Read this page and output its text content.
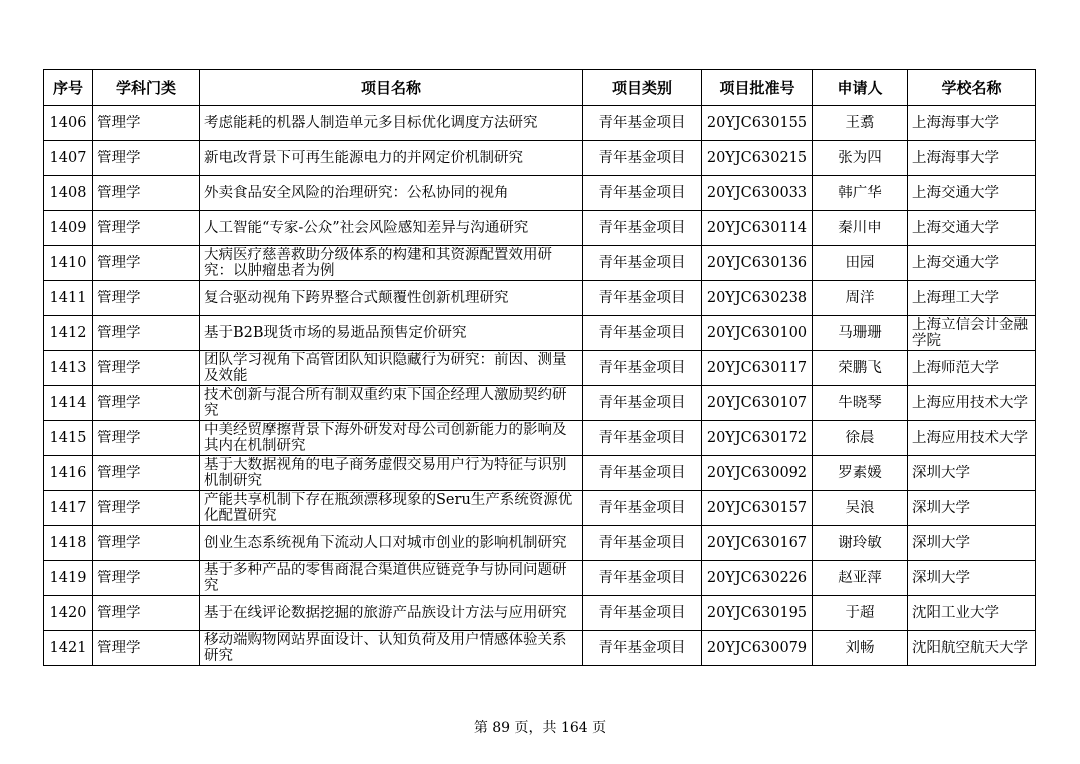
序号	学科门类	项目名称	项目类别	项目批准号	申请人	学校名称

1406	管理学	考虑能耗的机器人制造单元多目标优化调度方法研究	青年基金项目	20YJC630155	王翥	上海海事大学

1407	管理学	新电改背景下可再生能源电力的并网定价机制研究	青年基金项目	20YJC630215	张为四	上海海事大学

1408	管理学	外卖食品安全风险的治理研究：公私协同的视角	青年基金项目	20YJC630033	韩广华	上海交通大学

1409	管理学	人工智能“专家-公众”社会风险感知差异与沟通研究	青年基金项目	20YJC630114	秦川申	上海交通大学

1410	管理学	大病医疗慈善救助分级体系的构建和其资源配置效用研究：以肿瘤患者为例	青年基金项目	20YJC630136	田园	上海交通大学

1411	管理学	复合驱动视角下跨界整合式颠覆性创新机理研究	青年基金项目	20YJC630238	周洋	上海理工大学

1412	管理学	基于B2B现货市场的易逝品预售定价研究	青年基金项目	20YJC630100	马珊珊	上海立信会计金融学院

1413	管理学	团队学习视角下高管团队知识隐藏行为研究：前因、测量及效能	青年基金项目	20YJC630117	荣鹏飞	上海师范大学

1414	管理学	技术创新与混合所有制双重约束下国企经理人激励契约研究	青年基金项目	20YJC630107	牛晓琴	上海应用技术大学

1415	管理学	中美经贸摩擦背景下海外研发对母公司创新能力的影响及其内在机制研究	青年基金项目	20YJC630172	徐晨	上海应用技术大学

1416	管理学	基于大数据视角的电子商务虚假交易用户行为特征与识别机制研究	青年基金项目	20YJC630092	罗素媛	深圳大学

1417	管理学	产能共享机制下存在瓶颈漂移现象的Seru生产系统资源优化配置研究	青年基金项目	20YJC630157	吴浪	深圳大学

1418	管理学	创业生态系统视角下流动人口对城市创业的影响机制研究	青年基金项目	20YJC630167	谢玲敏	深圳大学

1419	管理学	基于多种产品的零售商混合渠道供应链竞争与协同问题研究	青年基金项目	20YJC630226	赵亚萍	深圳大学

1420	管理学	基于在线评论数据挖掘的旅游产品族设计方法与应用研究	青年基金项目	20YJC630195	于超	沈阳工业大学

1421	管理学	移动端购物网站界面设计、认知负荷及用户情感体验关系研究	青年基金项目	20YJC630079	刘畅	沈阳航空航天大学
第 89 页，共 164 页
